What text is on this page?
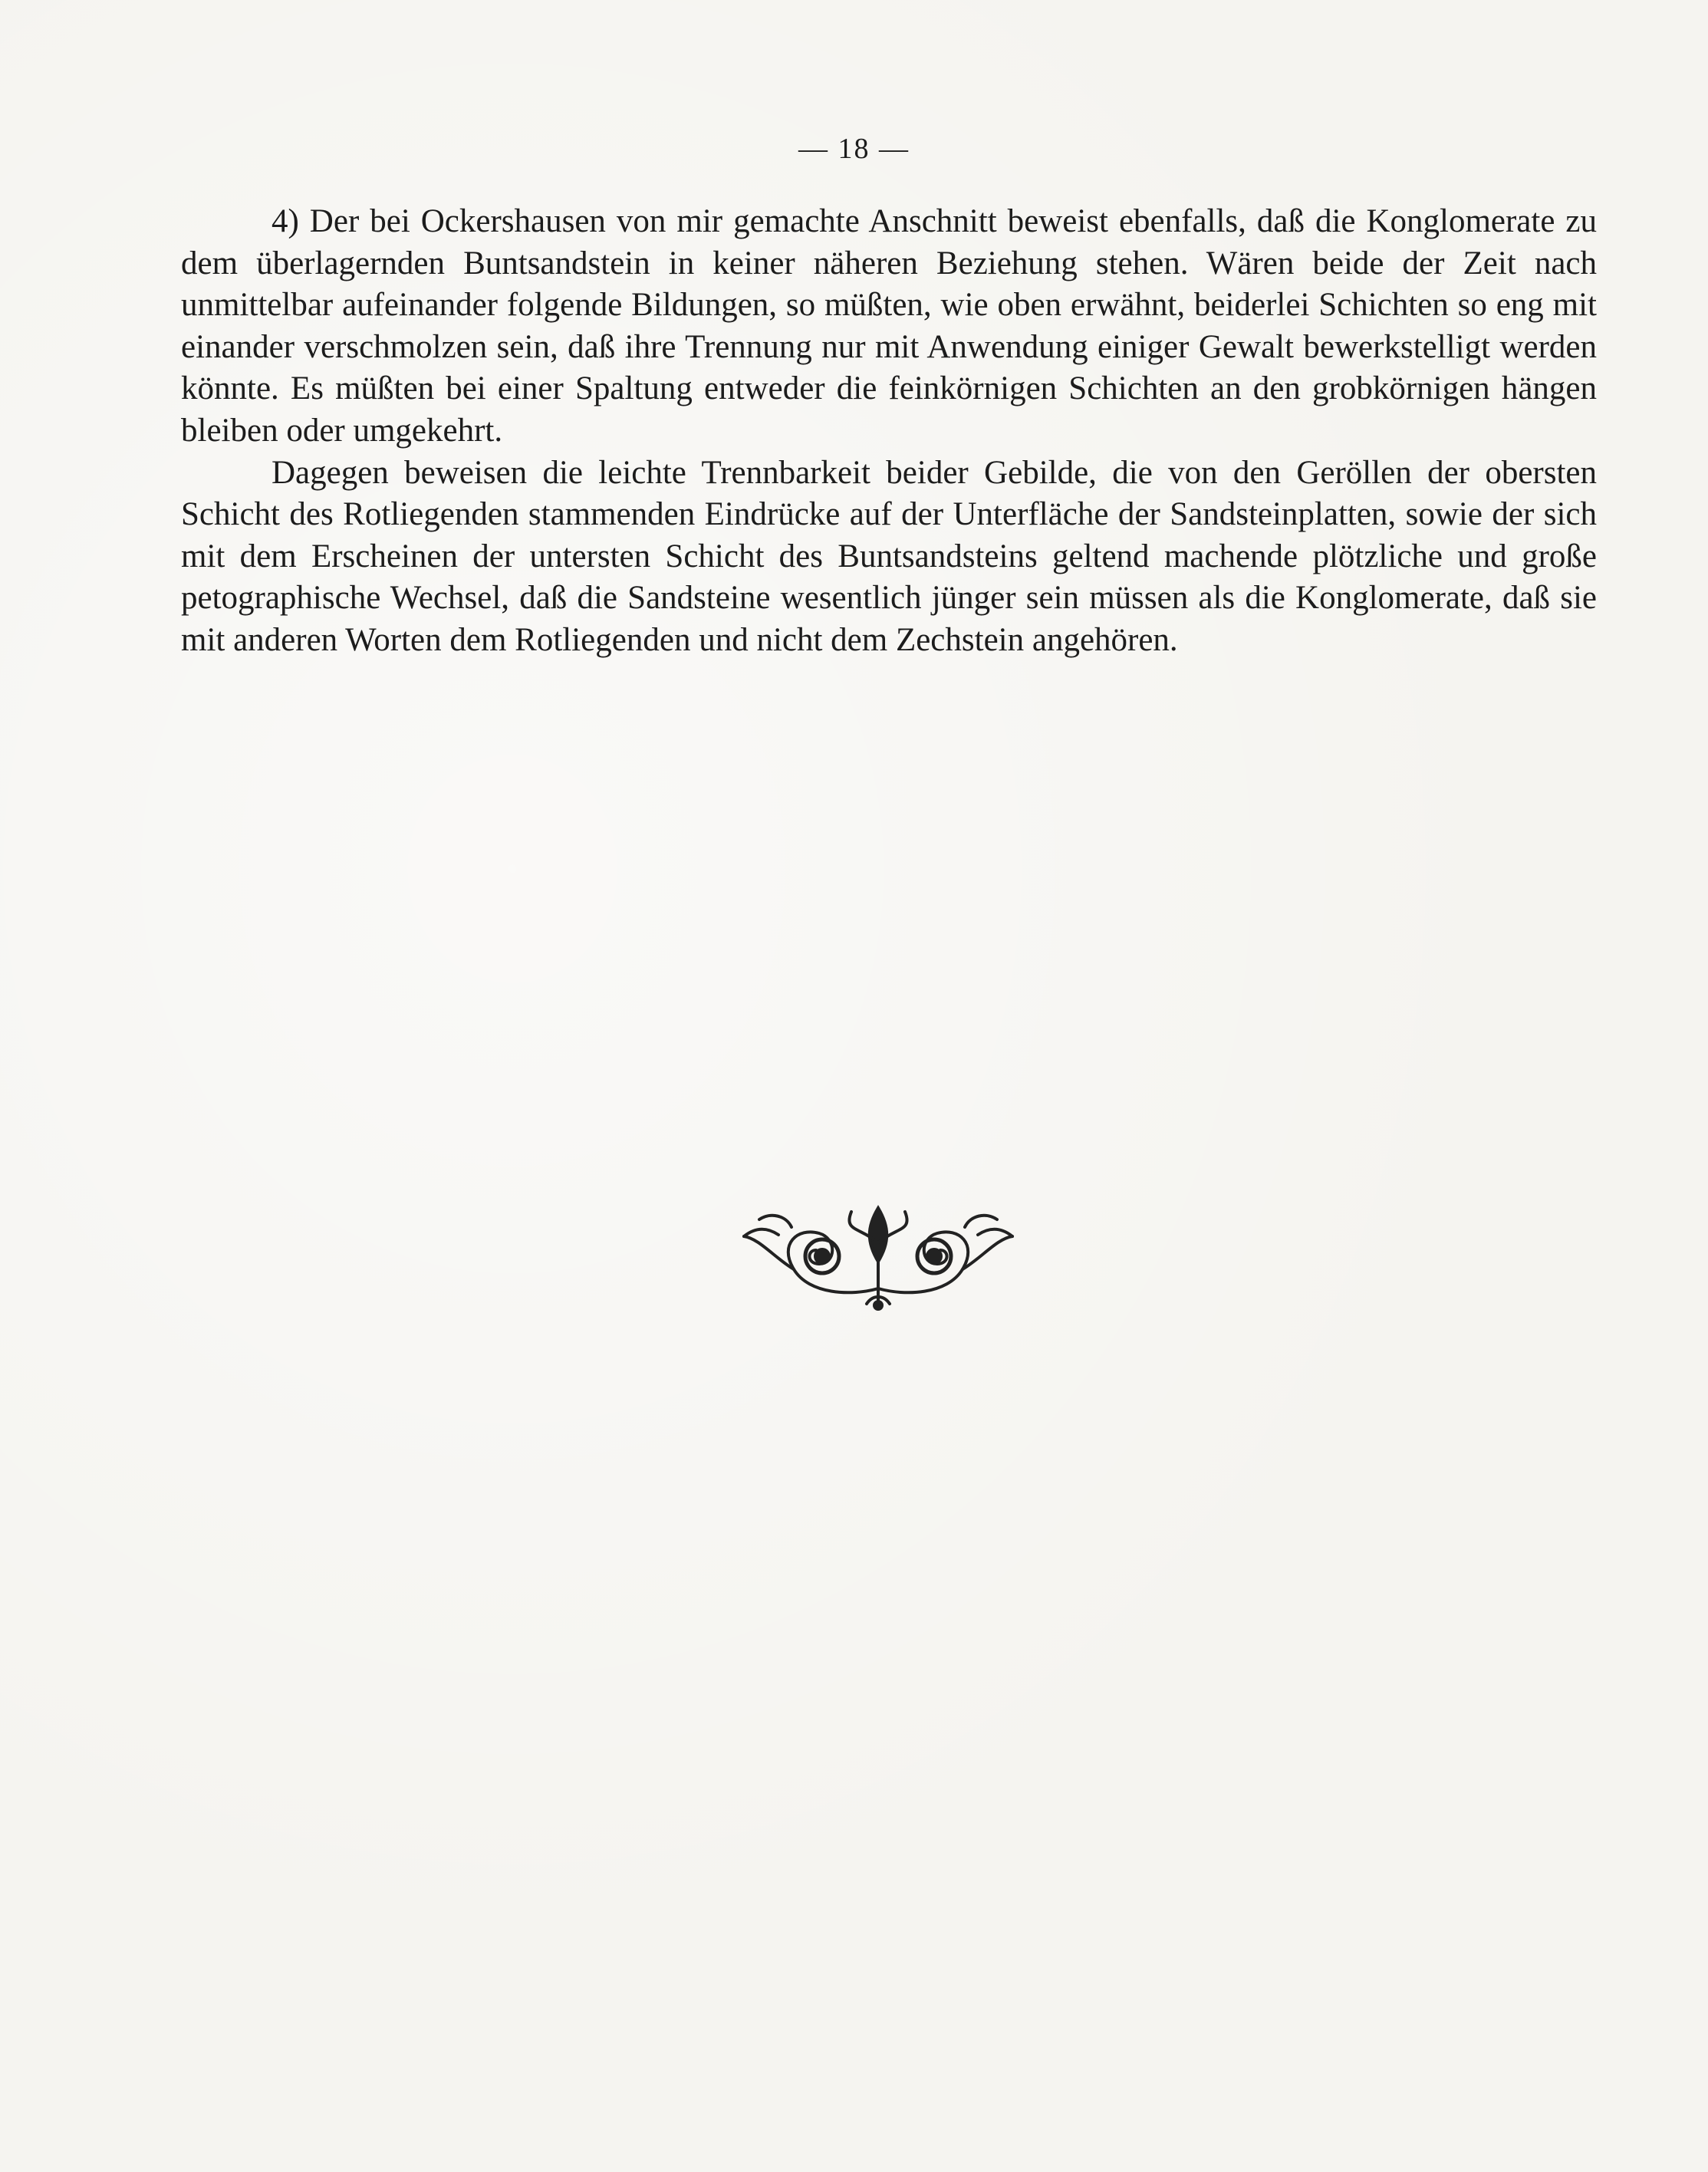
— 18 —

4) Der bei Ockershausen von mir gemachte Anschnitt beweist ebenfalls, daß die Konglomerate zu dem überlagernden Buntsandstein in keiner näheren Beziehung stehen. Wären beide der Zeit nach unmittelbar aufeinander folgende Bildungen, so müßten, wie oben erwähnt, beiderlei Schichten so eng mit einander verschmolzen sein, daß ihre Trennung nur mit Anwendung einiger Gewalt bewerkstelligt werden könnte. Es müßten bei einer Spaltung entweder die feinkörnigen Schichten an den grobkörnigen hängen bleiben oder umgekehrt.

Dagegen beweisen die leichte Trennbarkeit beider Gebilde, die von den Geröllen der obersten Schicht des Rotliegenden stammenden Eindrücke auf der Unterfläche der Sandsteinplatten, sowie der sich mit dem Erscheinen der untersten Schicht des Buntsandsteins geltend machende plötzliche und große petographische Wechsel, daß die Sandsteine wesentlich jünger sein müssen als die Konglomerate, daß sie mit anderen Worten dem Rotliegenden und nicht dem Zechstein angehören.
